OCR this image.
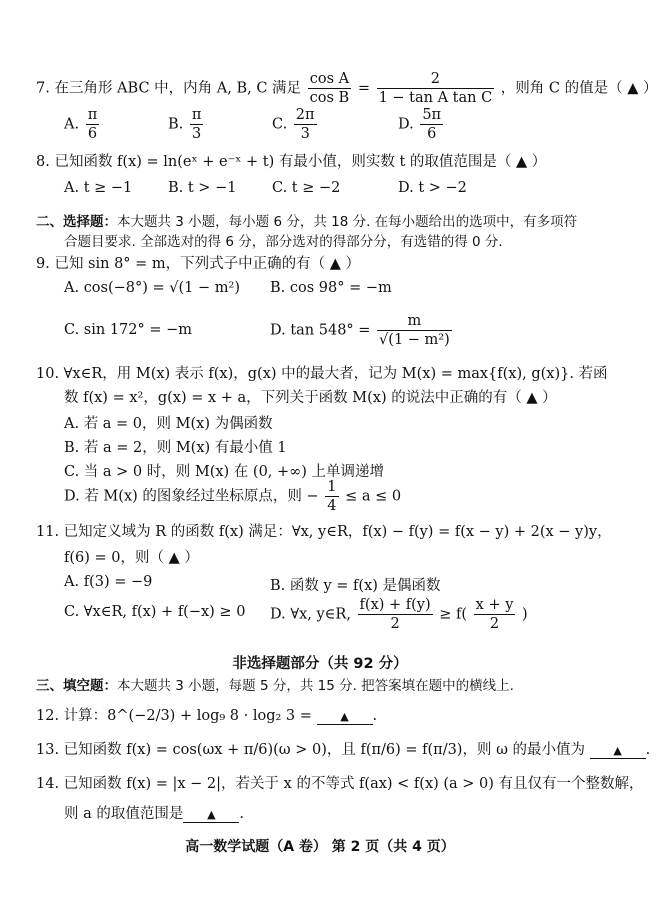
7. 在三角形 ABC 中，内角 A, B, C 满足 $\frac{\text{cos A}}{\text{cos B}} = \frac{2}{\text{1 − tan A tan C}}$ ，则角 C 的值是（ ▲ ）
A. $\frac{\pi}{6}$	B. $\frac{\pi}{3}$	C. $\frac{2\pi}{3}$	D. $\frac{5\pi}{6}$
8. 已知函数 f(x) = ln(eˣ + e⁻ˣ + t) 有最小值，则实数 t 的取值范围是（ ▲ ）
A. t ≥ −1 B. t > −1 C. t ≥ −2	D. t > −2
二、选择题：本大题共 3 小题，每小题 6 分，共 18 分. 在每小题给出的选项中，有多项符
合题目要求. 全部选对的得 6 分，部分选对的得部分分，有选错的得 0 分.
9. 已知 sin 8° = m，下列式子中正确的有（ ▲ ）
A. cos(−8°) = √(1 − m²) B. cos 98° = −m
C. sin 172° = −m	D. $\tan 548^\circ = \frac{m}{\text{√(1 − m²)}}$
10. ∀x∈R，用 M(x) 表示 f(x)，g(x) 中的最大者，记为 M(x) = max{f(x), g(x)}. 若函
数 f(x) = x²，g(x) = x + a，下列关于函数 M(x) 的说法中正确的有（ ▲ ）
A. 若 a = 0，则 M(x) 为偶函数
B. 若 a = 2，则 M(x) 有最小值 1
C. 当 a > 0 时，则 M(x) 在 (0, +∞) 上单调递增
D. 若 M(x) 的图象经过坐标原点，则 − $\frac{1}{4} \le a \le 0$
11. 已知定义域为 R 的函数 f(x) 满足：∀x, y∈R，f(x) − f(y) = f(x − y) + 2(x − y)y，
f(6) = 0，则（ ▲ ）
A. f(3) = −9	B. 函数 y = f(x) 是偶函数
C. ∀x∈R, f(x) + f(−x) ≥ 0 D. ∀x, y∈R, $\frac{f(x) + f(y)}{2} \ge f( \frac{x + y}{2}$ )
非选择题部分（共 92 分）
三、填空题：本大题共 3 小题，每题 5 分，共 15 分. 把答案填在题中的横线上.
12. 计算：8^(−2/3) + log₉ 8 · log₂ 3 =	▲ .
13. 已知函数 f(x) = cos(ωx + π/6)(ω > 0)，且 f(π/6) = f(π/3)，则 ω 的最小值为	▲ .
14. 已知函数 f(x) = |x − 2|，若关于 x 的不等式 f(ax) < f(x) (a > 0) 有且仅有一个整数解，
则 a 的取值范围是 ▲ .
高一数学试题（A 卷） 第 2 页（共 4 页）
